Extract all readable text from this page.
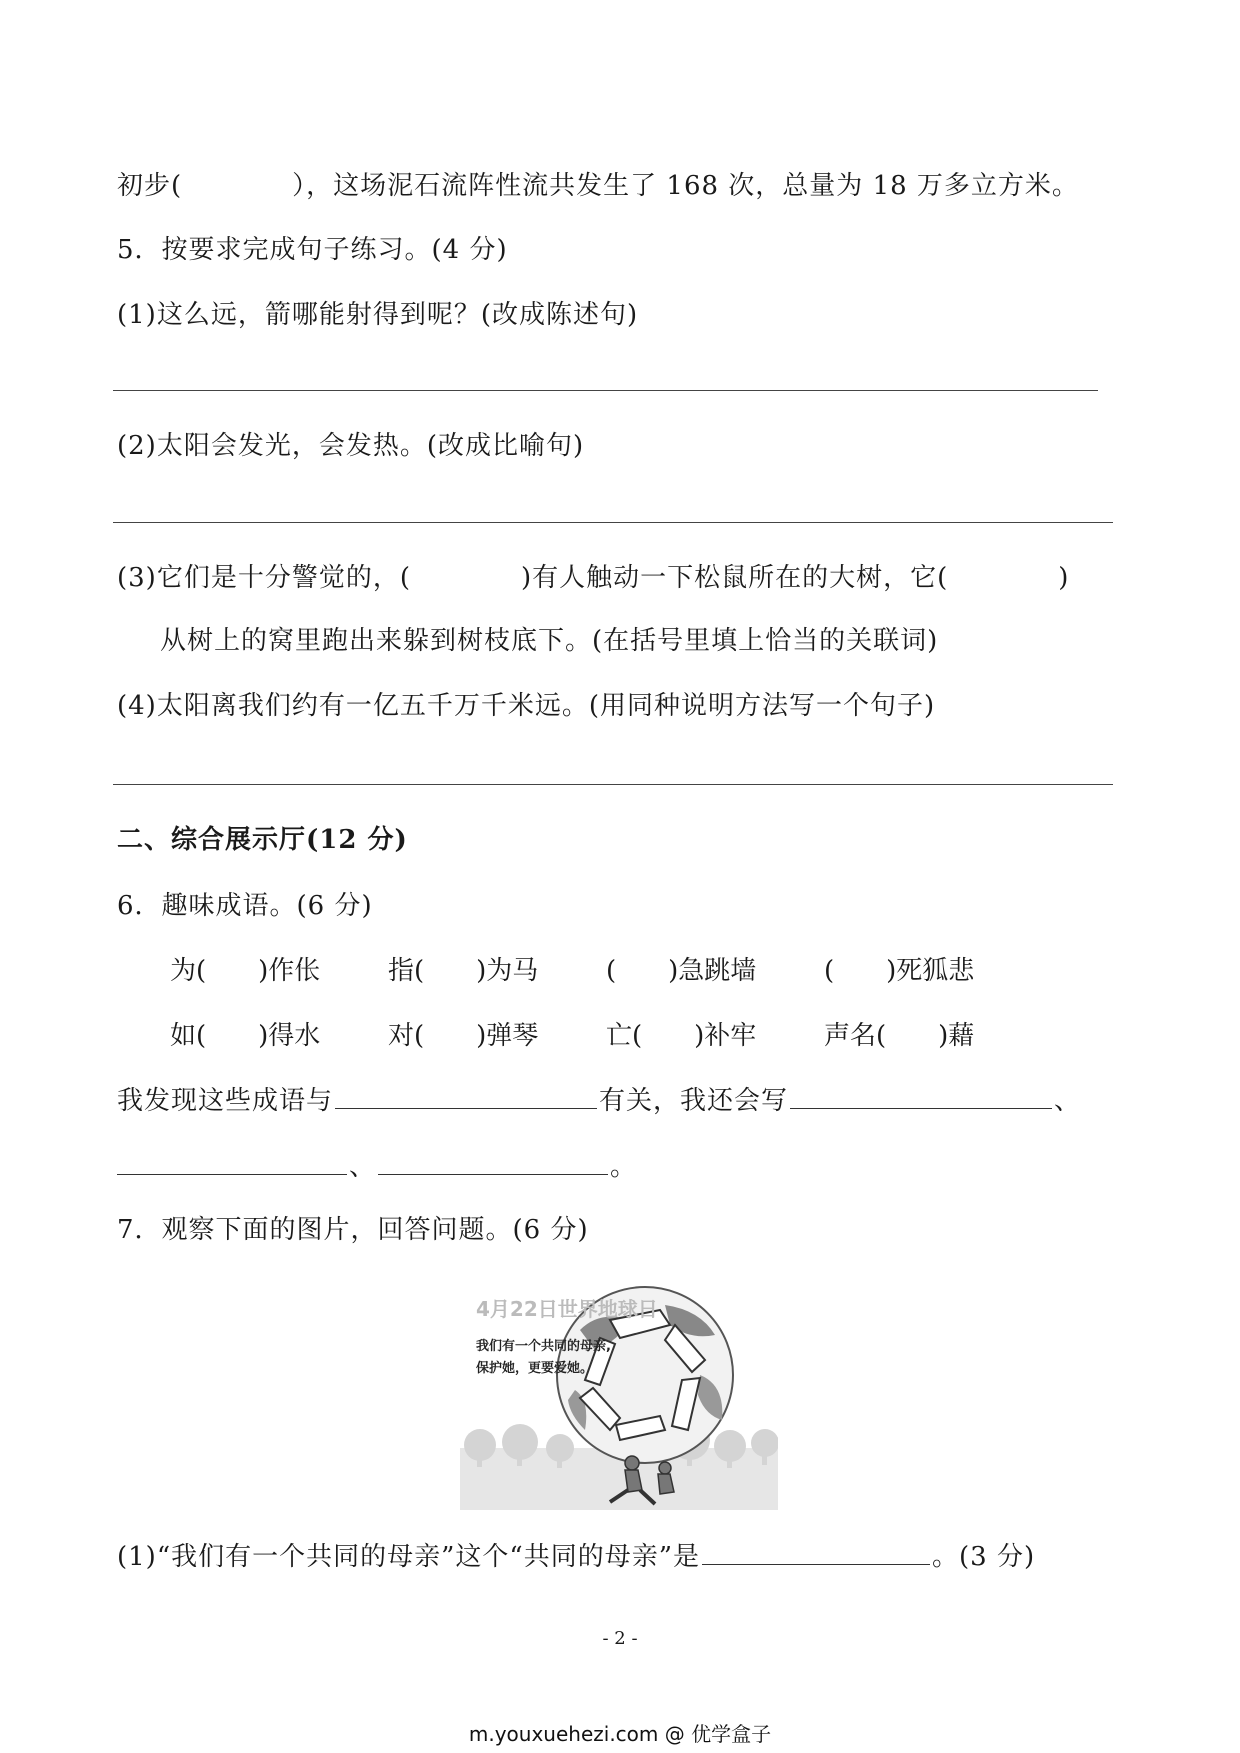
初步(	），这场泥石流阵性流共发生了 168 次，总量为 18 万多立方米。
5．按要求完成句子练习。(4 分)
(1)这么远，箭哪能射得到呢？(改成陈述句)
(2)太阳会发光，会发热。(改成比喻句)
(3)它们是十分警觉的，(	)有人触动一下松鼠所在的大树，它(	)
从树上的窝里跑出来躲到树枝底下。(在括号里填上恰当的关联词)
(4)太阳离我们约有一亿五千万千米远。(用同种说明方法写一个句子)
二、综合展示厅(12 分)
6．趣味成语。(6 分)
为(　　)作伥	指(　　)为马	(　　)急跳墙	(　　)死狐悲
如(　　)得水	对(　　)弹琴	亡(　　)补牢	声名(　　)藉
我发现这些成语与	有关，我还会写	、
、	。
7．观察下面的图片，回答问题。(6 分)
4月22日世界地球日
我们有一个共同的母亲,
保护她，更要爱她。
(1)“我们有一个共同的母亲”这个“共同的母亲”是	。(3 分)
- 2 -
m.youxuehezi.com @ 优学盒子
